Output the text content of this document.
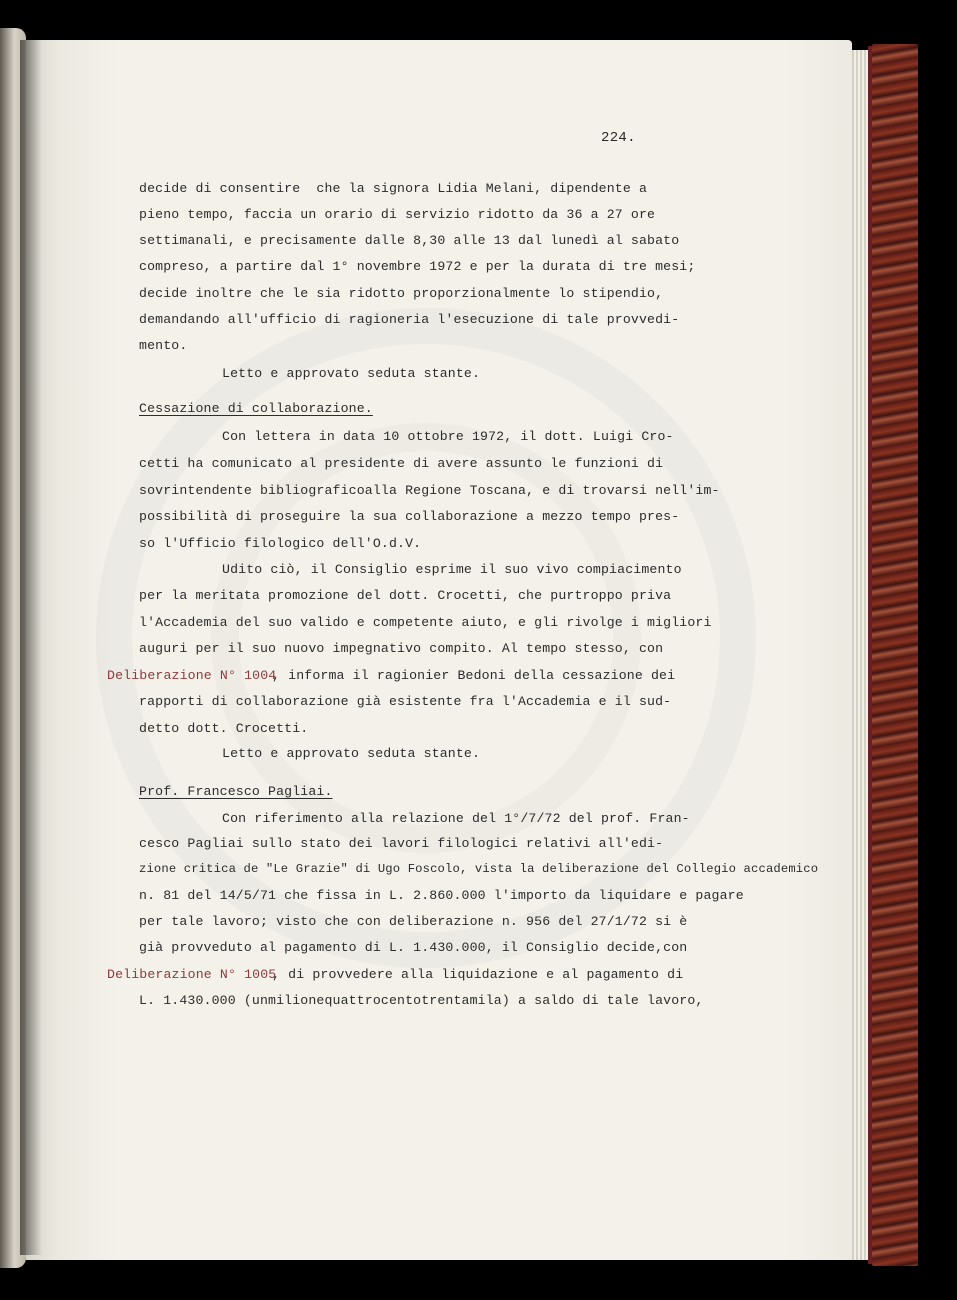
224.
decide di consentire  che la signora Lidia Melani, dipendente a
pieno tempo, faccia un orario di servizio ridotto da 36 a 27 ore
settimanali, e precisamente dalle 8,30 alle 13 dal lunedì al sabato
compreso, a partire dal 1° novembre 1972 e per la durata di tre mesi;
decide inoltre che le sia ridotto proporzionalmente lo stipendio,
demandando all'ufficio di ragioneria l'esecuzione di tale provvedi-
mento.
Letto e approvato seduta stante.
Cessazione di collaborazione.
Con lettera in data 10 ottobre 1972, il dott. Luigi Cro-
cetti ha comunicato al presidente di avere assunto le funzioni di
sovrintendente bibliograficoalla Regione Toscana, e di trovarsi nell'im-
possibilità di proseguire la sua collaborazione a mezzo tempo pres-
so l'Ufficio filologico dell'O.d.V.
Udito ciò, il Consiglio esprime il suo vivo compiacimento
per la meritata promozione del dott. Crocetti, che purtroppo priva
l'Accademia del suo valido e competente aiuto, e gli rivolge i migliori
auguri per il suo nuovo impegnativo compito. Al tempo stesso, con
Deliberazione N° 1004
, informa il ragionier Bedoni della cessazione dei
rapporti di collaborazione già esistente fra l'Accademia e il sud-
detto dott. Crocetti.
Letto e approvato seduta stante.
Prof. Francesco Pagliai.
Con riferimento alla relazione del 1°/7/72 del prof. Fran-
cesco Pagliai sullo stato dei lavori filologici relativi all'edi-
zione critica de "Le Grazie" di Ugo Foscolo, vista la deliberazione del Collegio accademico
n. 81 del 14/5/71 che fissa in L. 2.860.000 l'importo da liquidare e pagare
per tale lavoro; visto che con deliberazione n. 956 del 27/1/72 si è
già provveduto al pagamento di L. 1.430.000, il Consiglio decide,con
Deliberazione N° 1005
, di provvedere alla liquidazione e al pagamento di
L. 1.430.000 (unmilionequattrocentotrentamila) a saldo di tale lavoro,
